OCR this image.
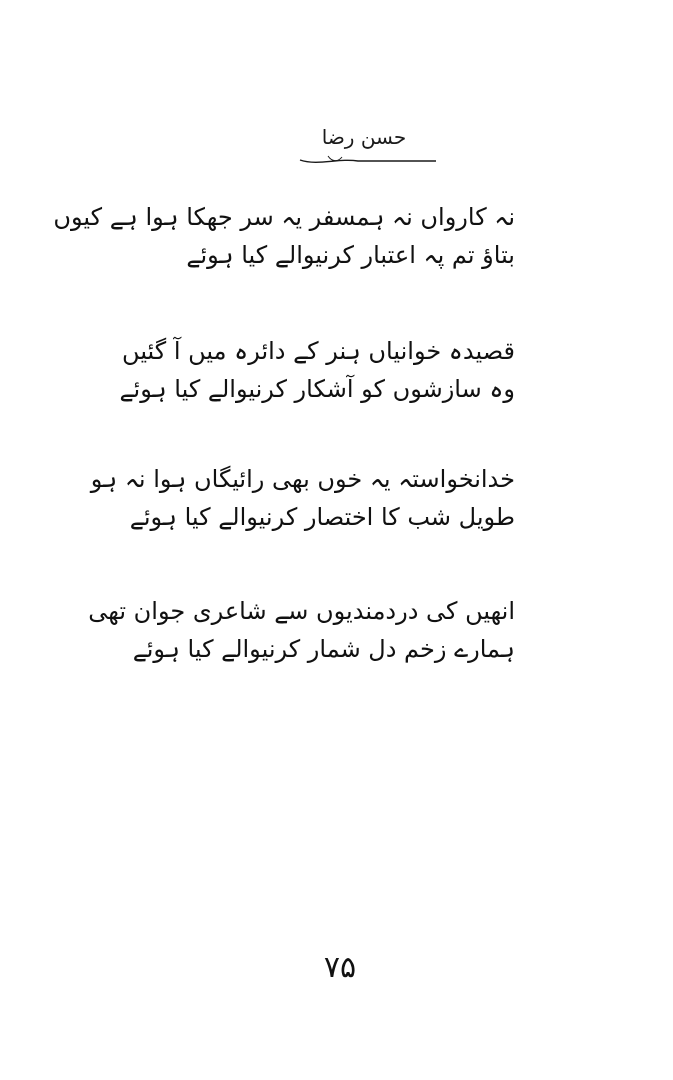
حسن رضا
نہ کارواں نہ ہمسفر یہ سر جھکا ہوا ہے کیوں
بتاؤ تم پہ اعتبار کرنیوالے کیا ہوئے
قصیدہ خوانیاں ہنر کے دائرہ میں آ گئیں
وہ سازشوں کو آشکار کرنیوالے کیا ہوئے
خدانخواستہ یہ خوں بھی رائیگاں ہوا نہ ہو
طویل شب کا اختصار کرنیوالے کیا ہوئے
انھیں کی دردمندیوں سے شاعری جوان تھی
ہمارے زخم دل شمار کرنیوالے کیا ہوئے
۷۵
